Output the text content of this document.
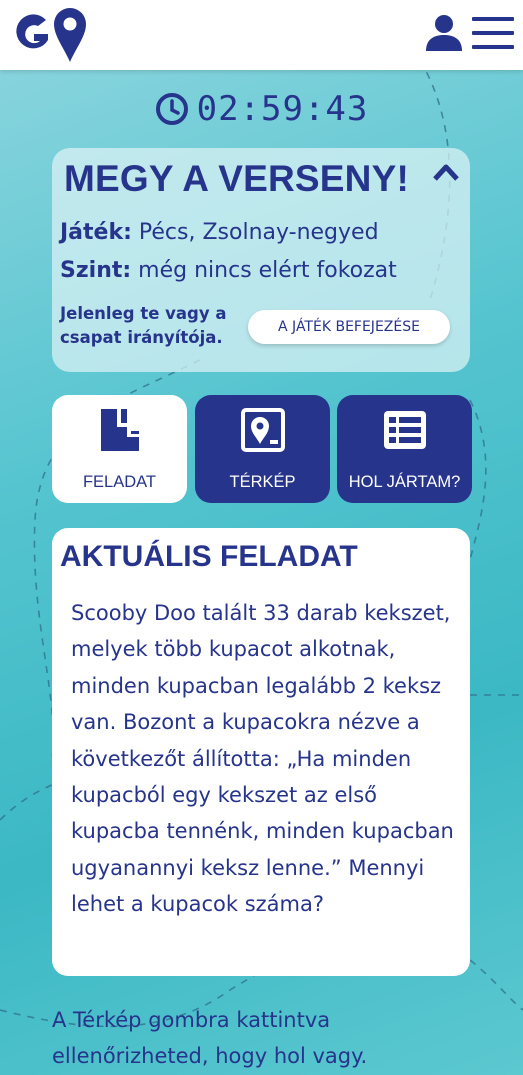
02:59:43
MEGY A VERSENY!
Játék: Pécs, Zsolnay-negyed
Szint: még nincs elért fokozat
Jelenleg te vagy a csapat irányítója.
A JÁTÉK BEFEJEZÉSE
FELADAT	TÉRKÉP	HOL JÁRTAM?
AKTUÁLIS FELADAT
Scooby Doo talált 33 darab kekszet, melyek több kupacot alkotnak, minden kupacban legalább 2 keksz van. Bozont a kupacokra nézve a következőt állította: „Ha minden kupacból egy kekszet az első kupacba tennénk, minden kupacban ugyanannyi keksz lenne.” Mennyi lehet a kupacok száma?
A Térkép gombra kattintva ellenőrizheted, hogy hol vagy.
